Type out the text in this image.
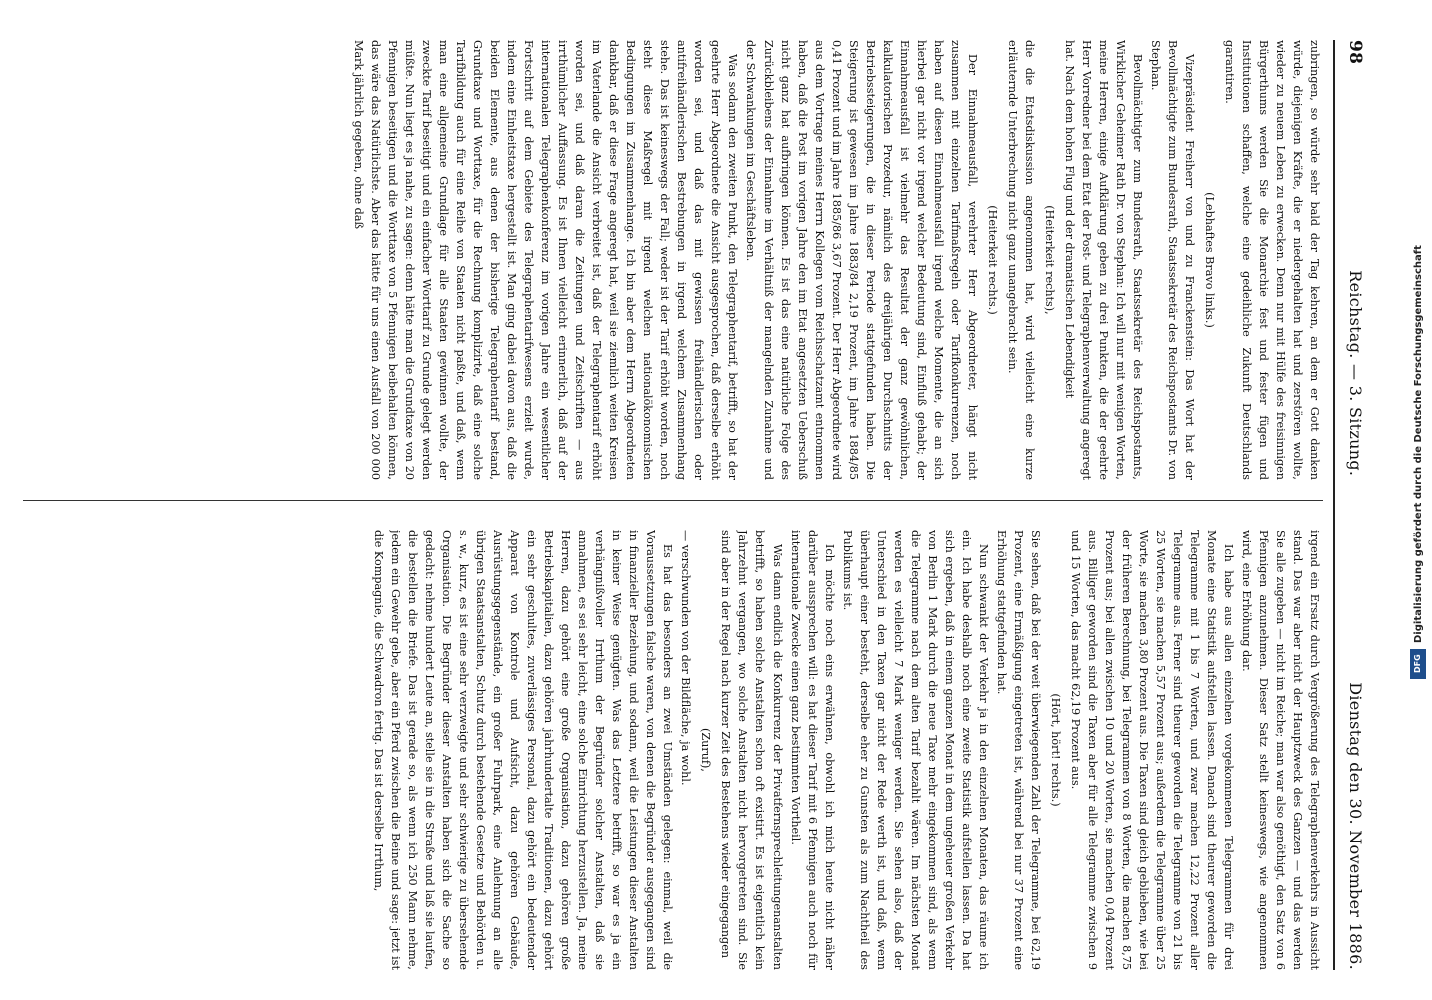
98
Reichstag. — 3. Sitzung.
Dienstag den 30. November 1886.

zubringen, so würde sehr bald der Tag kehren, an dem er Gott danken würde, diejenigen Kräfte, die er niedergehalten hat und zerstören wollte, wieder zu neuem Leben zu erwecken. Denn nur mit Hülfe des freisinnigen Bürgerthums werden Sie die Monarchie fest und fester fügen und Institutionen schaffen, welche eine gedeihliche Zukunft Deutschlands garantiren.

(Lebhaftes Bravo links.)

Vizepräsident Freiherr von und zu Franckenstein: Das Wort hat der Bevollmächtigte zum Bundesrath, Staatssekretär des Reichspostamts Dr. von Stephan.

Bevollmächtigter zum Bundesrath, Staatssekretär des Reichspostamts, Wirklicher Geheimer Rath Dr. von Stephan: Ich will nur mit wenigen Worten, meine Herren, einige Aufklärung geben zu drei Punkten, die der geehrte Herr Vorredner bei dem Etat der Post- und Telegraphenverwaltung angeregt hat. Nach dem hohen Flug und der dramatischen Lebendigkeit

(Heiterkeit rechts),

die die Etatsdiskussion angenommen hat, wird vielleicht eine kurze erläuternde Unterbrechung nicht ganz unangebracht sein.

(Heiterkeit rechts.)

Der Einnahmeausfall, verehrter Herr Abgeordneter, hängt nicht zusammen mit einzelnen Tarifmaßregeln oder Tarifkonkurrenzen, noch haben auf diesen Einnahmeausfall irgend welche Momente, die an sich hierbei gar nicht vor irgend welcher Bedeutung sind, Einfluß gehabt; der Einnahmeausfall ist vielmehr das Resultat der ganz gewöhnlichen, kalkulatorischen Prozedur, nämlich des dreijährigen Durchschnitts der Betriebssteigerungen, die in dieser Periode stattgefunden haben. Die Steigerung ist gewesen im Jahre 1883/84 2,19 Prozent, im Jahre 1884/85 0,41 Prozent und im Jahre 1885/86 3,67 Prozent. Der Herr Abgeordnete wird aus dem Vortrage meines Herrn Kollegen vom Reichsschatzamt entnommen haben, daß die Post im vorigen Jahre den im Etat angesetzten Ueberschuß nicht ganz hat aufbringen können. Es ist das eine natürliche Folge des Zurückbleibens der Einnahme im Verhältniß der mangelnden Zunahme und der Schwankungen im Geschäftsleben.

Was sodann den zweiten Punkt, den Telegraphentarif, betrifft, so hat der geehrte Herr Abgeordnete die Ansicht ausgesprochen, daß derselbe erhöht worden sei, und daß das mit gewissen freihändlerischen oder antifreihändlerischen Bestrebungen in irgend welchem Zusammenhang stehe. Das ist keineswegs der Fall; weder ist der Tarif erhöht worden, noch steht diese Maßregel mit irgend welchen nationalökonomischen Bedingungen im Zusammenhange. Ich bin aber dem Herrn Abgeordneten dankbar, daß er diese Frage angeregt hat, weil sie ziemlich weiten Kreisen im Vaterlande die Ansicht verbreitet ist, daß der Telegraphentarif erhöht worden sei, und daß daran die Zeitungen und Zeitschriften — aus irrthümlicher Auffassung. Es ist Ihnen vielleicht erinnerlich, daß auf der internationalen Telegraphenkonferenz im vorigen Jahre ein wesentlicher Fortschritt auf dem Gebiete des Telegraphentarifwesens erzielt wurde, indem eine Einheitstaxe hergestellt ist. Man ging dabei davon aus, daß die beiden Elemente, aus denen der bisherige Telegraphentarif bestand, Grundtaxe und Worttaxe, für die Rechnung komplizirte, daß eine solche Tarifbildung auch für eine Reihe von Staaten nicht paßte, und daß, wenn man eine allgemeine Grundlage für alle Staaten gewinnen wollte, der zweckte Tarif beseitigt und ein einfacher Worttarif zu Grunde gelegt werden müßte. Nun liegt es ja nahe, zu sagen: denn hätte man die Grundtaxe von 20 Pfennigen beseitigen und die Worttaxe von 5 Pfennigen beibehalten können, das wäre das Natürlichste. Aber das hätte für uns einen Ausfall von 200 000 Mark jährlich gegeben, ohne daß

irgend ein Ersatz durch Vergrößerung des Telegraphenverkehrs in Aussicht stand. Das war aber nicht der Hauptzweck des Ganzen — und das werden Sie alle zugeben — nicht im Reiche; man war also genöthigt, den Satz von 6 Pfennigen anzunehmen. Dieser Satz stellt keineswegs, wie angenommen wird, eine Erhöhung dar.

Ich habe aus allen einzelnen vorgekommenen Telegrammen für drei Monate eine Statistik aufstellen lassen. Danach sind theurer geworden die Telegramme mit 1 bis 7 Worten, und zwar machen 12,22 Prozent aller Telegramme aus. Ferner sind theurer geworden die Telegramme von 21 bis 25 Worten, sie machen 5,57 Prozent aus; außerdem die Telegramme über 25 Worte, sie machen 3,80 Prozent aus. Die Taxen sind gleich geblieben, wie bei der früheren Berechnung, bei Telegrammen von 8 Worten, die machen 8,75 Prozent aus; bei allen zwischen 10 und 20 Worten, sie machen 0,04 Prozent aus. Billiger geworden sind die Taxen aber für alle Telegramme zwischen 9 und 15 Worten, das macht 62,19 Prozent aus.

(Hört, hört! rechts.)

Sie sehen, daß bei der weit überwiegenden Zahl der Telegramme, bei 62,19 Prozent, eine Ermäßigung eingetreten ist, während bei nur 37 Prozent eine Erhöhung stattgefunden hat.

Nun schwankt der Verkehr ja in den einzelnen Monaten, das räume ich ein. Ich habe deshalb noch eine zweite Statistik aufstellen lassen. Da hat sich ergeben, daß in einem ganzen Monat in dem ungeheuer großen Verkehr von Berlin 1 Mark durch die neue Taxe mehr eingekommen sind, als wenn die Telegramme nach dem alten Tarif bezahlt wären. Im nächsten Monat werden es vielleicht 7 Mark weniger werden. Sie sehen also, daß der Unterschied in den Taxen gar nicht der Rede werth ist, und daß, wenn überhaupt einer besteht, derselbe eher zu Gunsten als zum Nachtheil des Publikums ist.

Ich möchte noch eins erwähnen, obwohl ich mich heute nicht näher darüber aussprechen will: es hat dieser Tarif mit 6 Pfennigen auch noch für internationale Zwecke einen ganz bestimmten Vortheil.

Was dann endlich die Konkurrenz der Privatfernsprechleitungenanstalten betrifft, so haben solche Anstalten schon oft existirt. Es ist eigentlich kein Jahrzehnt vergangen, wo solche Anstalten nicht hervorgetreten sind. Sie sind aber in der Regel nach kurzer Zeit des Bestehens wieder eingegangen

(Zuruf),

— verschwunden von der Bildfläche, ja wohl.

Es hat das besonders an zwei Umständen gelegen: einmal, weil die Voraussetzungen falsche waren, von denen die Begründer ausgegangen sind in finanzieller Beziehung, und sodann, weil die Leistungen dieser Anstalten in keiner Weise genügten. Was das Letztere betrifft, so war es ja ein verhängnißvoller Irrthum der Begründer solcher Anstalten, daß sie annahmen, es sei sehr leicht, eine solche Einrichtung herzustellen. Ja, meine Herren, dazu gehört eine große Organisation, dazu gehören große Betriebskapitalien, dazu gehören jahrhundertalte Traditionen, dazu gehört ein sehr geschultes, zuverlässiges Personal, dazu gehört ein bedeutender Apparat von Kontrole und Aufsicht, dazu gehören Gebäude, Ausrüstungsgegenstände, ein großer Fuhrpark, eine Anlehnung an alle übrigen Staatsanstalten, Schutz durch bestehende Gesetze und Behörden u. s. w., kurz, es ist eine sehr verzweigte und sehr schwierige zu übersehende Organisation. Die Begründer dieser Anstalten haben sich die Sache so gedacht: nehme hundert Leute an, stelle sie in die Straße und laß sie laufen, die bestellen die Briefe. Das ist gerade so, als wenn ich 250 Mann nehme, jedem ein Gewehr gebe, aber ein Pferd zwischen die Beine und sage: jetzt ist die Kompagnie, die Schwadron fertig. Das ist derselbe Irrthum,

Digitalisierung gefördert durch die Deutsche Forschungsgemeinschaft
DFG
